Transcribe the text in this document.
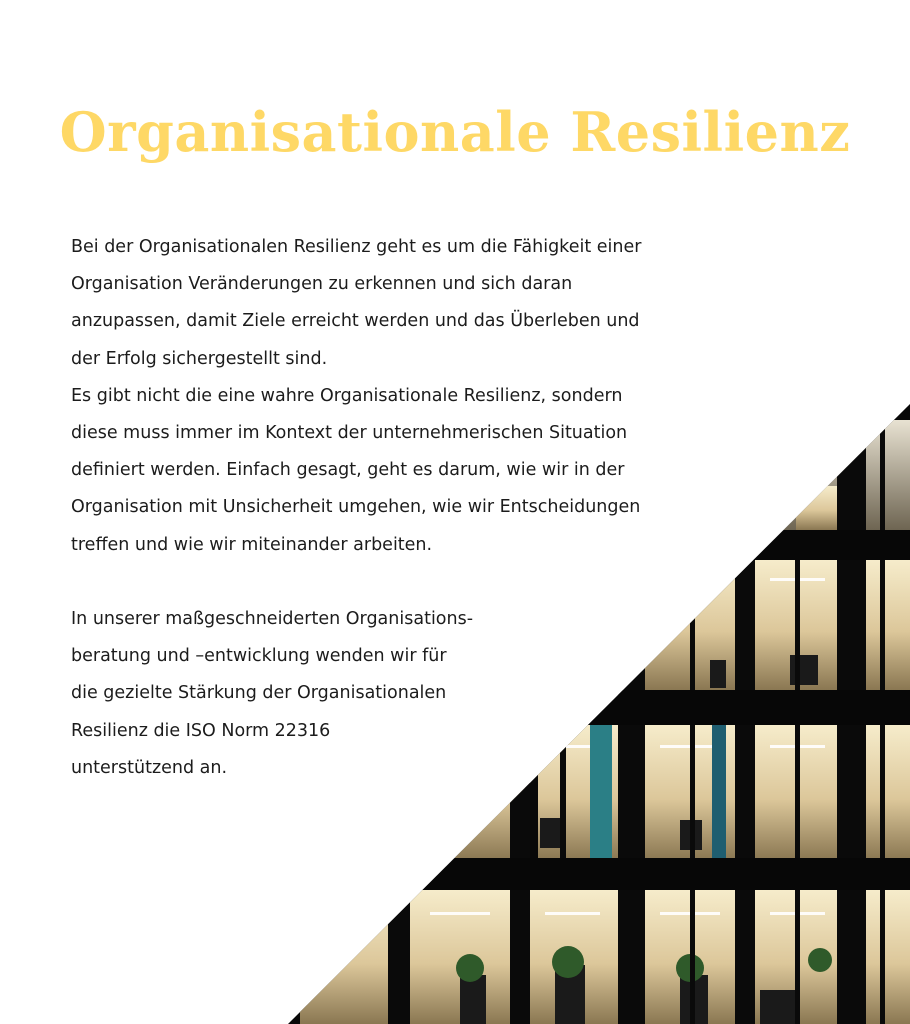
Organisationale Resilienz

Bei der Organisationalen Resilienz geht es um die Fähigkeit einer

Organisation Veränderungen zu erkennen und sich daran

anzupassen, damit Ziele erreicht werden und das Überleben und

der Erfolg sichergestellt sind.

Es gibt nicht die eine wahre Organisationale Resilienz, sondern

diese muss immer im Kontext der unternehmerischen Situation

definiert werden. Einfach gesagt, geht es darum, wie wir in der

Organisation mit Unsicherheit umgehen, wie wir Entscheidungen

treffen und wie wir miteinander arbeiten.

In unserer maßgeschneiderten Organisations-

beratung und –entwicklung wenden wir für

die gezielte Stärkung der Organisationalen

Resilienz die ISO Norm 22316

unterstützend an.
